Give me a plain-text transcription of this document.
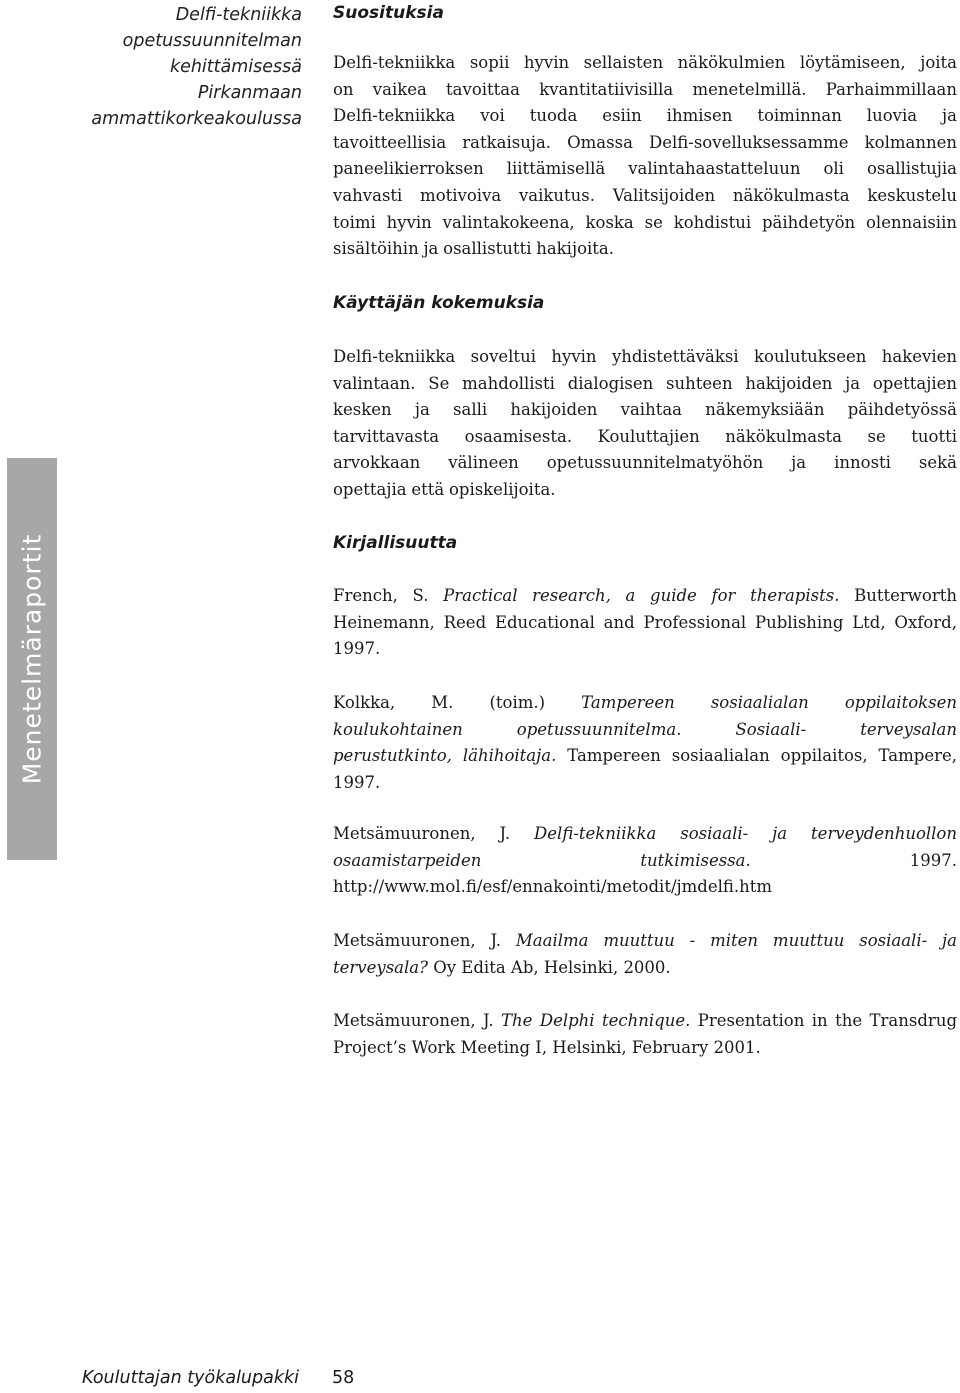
Delfi-tekniikka
opetussuunnitelman
kehittämisessä
Pirkanmaan
ammattikorkeakoulussa
Menetelmäraportit
Suosituksia
Delfi-tekniikka sopii hyvin sellaisten näkökulmien löytämiseen, joita
on vaikea tavoittaa kvantitatiivisilla menetelmillä. Parhaimmillaan
Delfi-tekniikka voi tuoda esiin ihmisen toiminnan luovia ja
tavoitteellisia ratkaisuja. Omassa Delfi-sovelluksessamme kolmannen
paneelikierroksen liittämisellä valintahaastatteluun oli osallistujia
vahvasti motivoiva vaikutus. Valitsijoiden näkökulmasta keskustelu
toimi hyvin valintakokeena, koska se kohdistui päihdetyön olennaisiin
sisältöihin ja osallistutti hakijoita.
Käyttäjän kokemuksia
Delfi-tekniikka soveltui hyvin yhdistettäväksi koulutukseen hakevien
valintaan. Se mahdollisti dialogisen suhteen hakijoiden ja opettajien
kesken ja salli hakijoiden vaihtaa näkemyksiään päihdetyössä
tarvittavasta osaamisesta. Kouluttajien näkökulmasta se tuotti
arvokkaan välineen opetussuunnitelmatyöhön ja innosti sekä
opettajia että opiskelijoita.
Kirjallisuutta
French, S. Practical research, a guide for therapists. Butterworth
Heinemann, Reed Educational and Professional Publishing Ltd, Oxford,
1997.
Kolkka, M. (toim.) Tampereen sosiaalialan oppilaitoksen
koulukohtainen opetussuunnitelma. Sosiaali- terveysalan
perustutkinto, lähihoitaja. Tampereen sosiaalialan oppilaitos, Tampere,
1997.
Metsämuuronen, J. Delfi-tekniikka sosiaali- ja terveydenhuollon
osaamistarpeiden tutkimisessa. 1997.
http://www.mol.fi/esf/ennakointi/metodit/jmdelfi.htm
Metsämuuronen, J. Maailma muuttuu - miten muuttuu sosiaali- ja
terveysala? Oy Edita Ab, Helsinki, 2000.
Metsämuuronen, J. The Delphi technique. Presentation in the Transdrug
Project’s Work Meeting I, Helsinki, February 2001.
Kouluttajan työkalupakki 58
